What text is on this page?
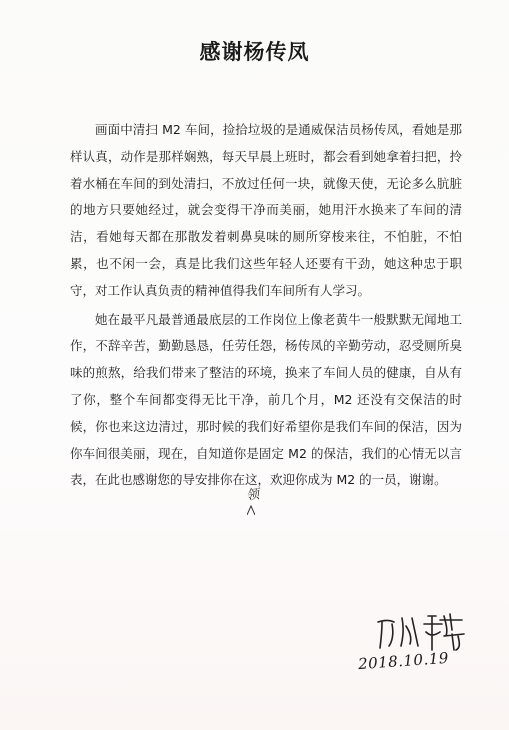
感谢杨传凤

画面中清扫 M2 车间，捡拾垃圾的是通威保洁员杨传凤，看她是那样认真，动作是那样娴熟，每天早晨上班时，都会看到她拿着扫把，拎着水桶在车间的到处清扫，不放过任何一块，就像天使，无论多么肮脏的地方只要她经过，就会变得干净而美丽，她用汗水换来了车间的清洁，看她每天都在那散发着刺鼻臭味的厕所穿梭来往，不怕脏，不怕累，也不闲一会，真是比我们这些年轻人还要有干劲，她这种忠于职守，对工作认真负责的精神值得我们车间所有人学习。

她在最平凡最普通最底层的工作岗位上像老黄牛一般默默无闻地工作，不辞辛苦，勤勤恳恳，任劳任怨，杨传凤的辛勤劳动，忍受厕所臭味的煎熬，给我们带来了整洁的环境，换来了车间人员的健康，自从有了你，整个车间都变得无比干净，前几个月，M2 还没有交保洁的时候，你也来这边清过，那时候的我们好希望你是我们车间的保洁，因为你车间很美丽，现在，自知道你是固定 M2 的保洁，我们的心情无以言表，在此也感谢您的导安排你在这，欢迎你成为 M2 的一员，谢谢。

领
2018.10.19
